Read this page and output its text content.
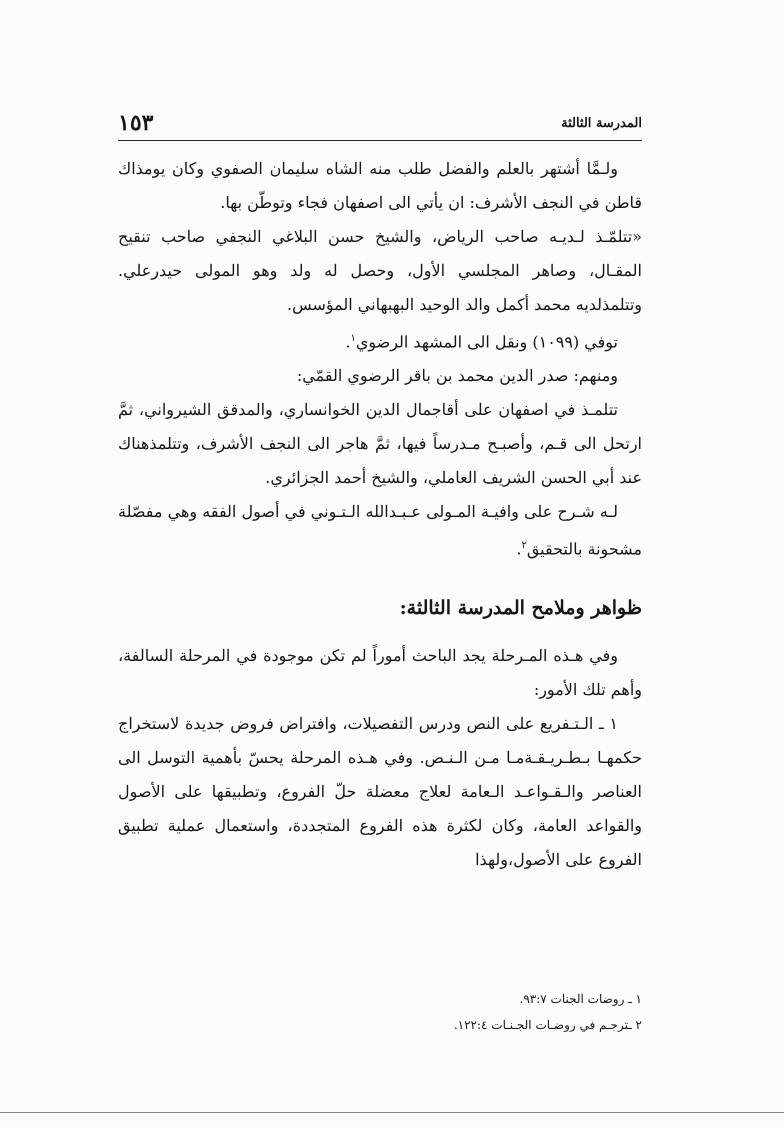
المدرسة الثالثة
١٥٣

ولـمَّا أشتهر بالعلم والفضل طلب منه الشاه سليمان الصفوي وكان يومذاك قاطن في النجف الأشرف: ان يأتي الى اصفهان فجاء وتوطّن بها.

«تتلمّـذ لـديـه صاحب الرياض، والشيخ حسن البلاغي النجفي صاحب تنقيح المقـال، وصاهر المجلسي الأول، وحصل له ولد وهو المولى حيدرعلي. وتتلمذلديه محمد أكمل والد الوحيد البهبهاني المؤسس.

توفي (١٠٩٩) ونقل الى المشهد الرضوي$^١$.

ومنهم: صدر الدين محمد بن باقر الرضوي القمّي:

تتلمـذ في اصفهان على أقاجمال الدين الخوانساري، والمدقق الشيرواني، ثمَّ ارتحل الى قـم، وأصبـح مـدرساً فيها، ثمَّ هاجر الى النجف الأشرف، وتتلمذهناك عند أبي الحسن الشريف العاملي، والشيخ أحمد الجزائري.

لـه شـرح على وافيـة المـولى عـبـدالله الـتـوني في أصول الفقه وهي مفصّلة مشحونة بالتحقيق$^٢$.

ظواهر وملامح المدرسة الثالثة:

وفي هـذه المـرحلة يجد الباحث أموراً لم تكن موجودة في المرحلة السالفة، وأهم تلك الأمور:

١ ـ الـتـفريع على النص ودرس التفصيلات، وافتراض فروض جديدة لاستخراج حكمهـا بـطـريـقـةمـا مـن الـنـص. وفي هـذه المرحلة يحسّ بأهمية التوسل الى العناصر والـقـواعـد الـعامة لعلاج معضلة حلّ الفروع، وتطبيقها على الأصول والقواعد العامة، وكان لكثرة هذه الفروع المتجددة، واستعمال عملية تطبيق الفروع على الأصول،ولهذا

١ ـ روضات الجنات ٩٣:٧.
٢ ـترجـم في روضـات الجـنـات ١٢٢:٤.
